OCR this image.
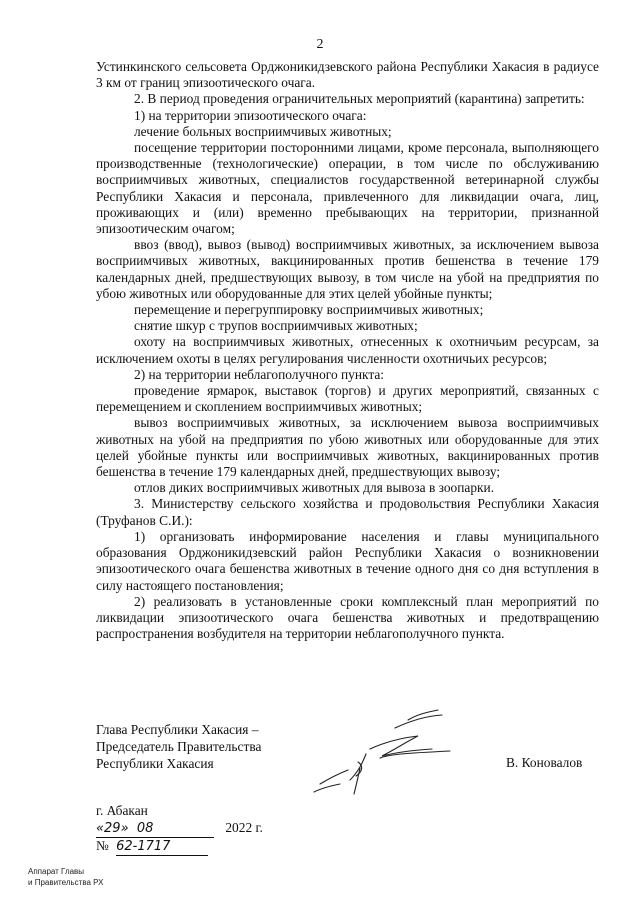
2

Устинкинского сельсовета Орджоникидзевского района Республики Хакасия в радиусе 3 км от границ эпизоотического очага.

2. В период проведения ограничительных мероприятий (карантина) запретить:

1) на территории эпизоотического очага:

лечение больных восприимчивых животных;

посещение территории посторонними лицами, кроме персонала, выполняющего производственные (технологические) операции, в том числе по обслуживанию восприимчивых животных, специалистов государственной ветеринарной службы Республики Хакасия и персонала, привлеченного для ликвидации очага, лиц, проживающих и (или) временно пребывающих на территории, признанной эпизоотическим очагом;

ввоз (ввод), вывоз (вывод) восприимчивых животных, за исключением вывоза восприимчивых животных, вакцинированных против бешенства в течение 179 календарных дней, предшествующих вывозу, в том числе на убой на предприятия по убою животных или оборудованные для этих целей убойные пункты;

перемещение и перегруппировку восприимчивых животных;

снятие шкур с трупов восприимчивых животных;

охоту на восприимчивых животных, отнесенных к охотничьим ресурсам, за исключением охоты в целях регулирования численности охотничьих ресурсов;

2) на территории неблагополучного пункта:

проведение ярмарок, выставок (торгов) и других мероприятий, связанных с перемещением и скоплением восприимчивых животных;

вывоз восприимчивых животных, за исключением вывоза восприимчивых животных на убой на предприятия по убою животных или оборудованные для этих целей убойные пункты или восприимчивых животных, вакцинированных против бешенства в течение 179 календарных дней, предшествующих вывозу;

отлов диких восприимчивых животных для вывоза в зоопарки.

3. Министерству сельского хозяйства и продовольствия Республики Хакасия (Труфанов С.И.):

1) организовать информирование населения и главы муниципального образования Орджоникидзевский район Республики Хакасия о возникновении эпизоотического очага бешенства животных в течение одного дня со дня вступления в силу настоящего постановления;

2) реализовать в установленные сроки комплексный план мероприятий по ликвидации эпизоотического очага бешенства животных и предотвращению распространения возбудителя на территории неблагополучного пункта.

Глава Республики Хакасия –
Председатель Правительства
Республики Хакасия	В. Коновалов
г. Абакан
«29» 08	2022 г.
№ 62-1717
Аппарат Главы
и Правительства РХ
